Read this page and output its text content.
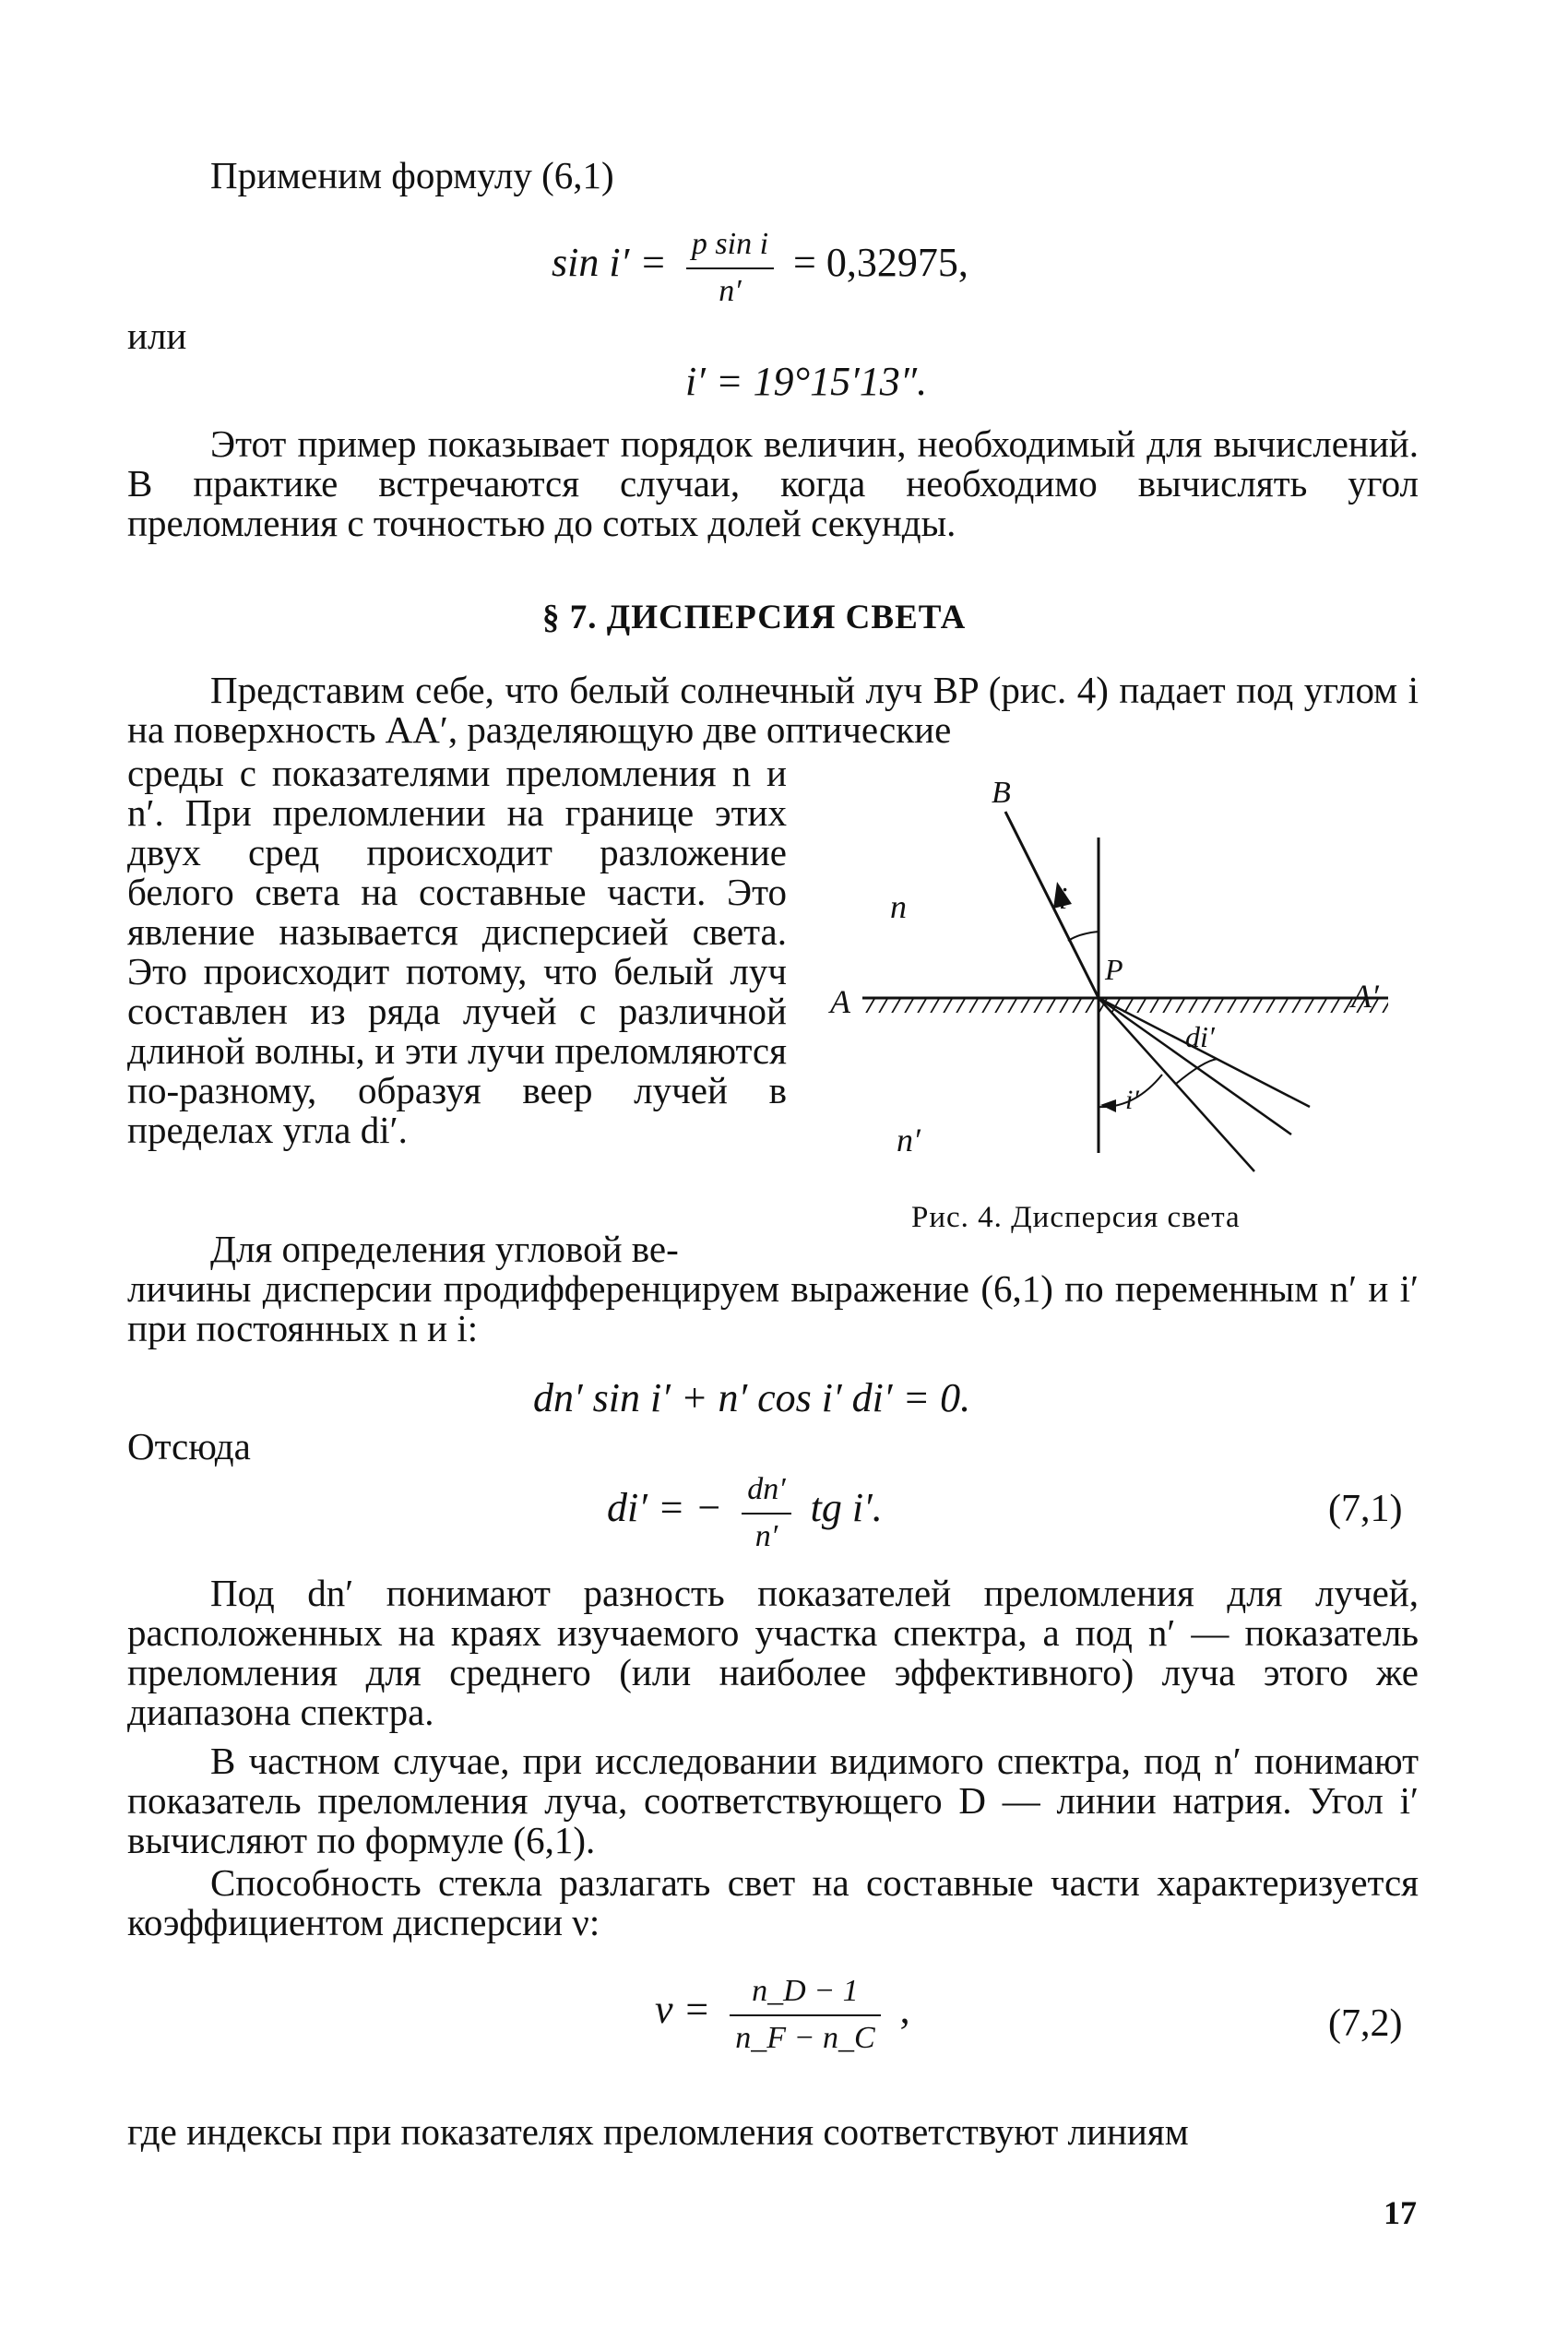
Применим формулу (6,1)
$\sin i' = \frac{\text{p sin i}}{n'} = 0,32975$,
или
i′ = 19°15′13″.
Этот пример показывает порядок величин, необходимый для вычислений. В практике встречаются случаи, когда необходимо вычислять угол преломления с точностью до сотых долей секунды.
§ 7. ДИСПЕРСИЯ СВЕТА
Представим себе, что белый солнечный луч BP (рис. 4) падает под углом i на поверхность AA′, разделяющую две оптические
среды с показателями преломления n и n′. При преломлении на границе этих двух сред происходит разложение белого света на составные части. Это явление называется дисперсией света. Это происходит потому, что белый луч составлен из ряда лучей с различной длиной волны, и эти лучи преломляются по-разному, образуя веер лучей в пределах угла di′.
Для определения угловой ве-
B
n	i
P
A	A′
di′
i′
n′
Рис. 4. Дисперсия света
личины дисперсии продифференцируем выражение (6,1) по переменным n′ и i′ при постоянных n и i:
dn′ sin i′ + n′ cos i′ di′ = 0.
Отсюда
di′ = − $\frac{dn'}{n'}$ tg i′.	(7,1)
Под dn′ понимают разность показателей преломления для лучей, расположенных на краях изучаемого участка спектра, а под n′ — показатель преломления для среднего (или наиболее эффективного) луча этого же диапазона спектра.
В частном случае, при исследовании видимого спектра, под n′ понимают показатель преломления луча, соответствующего D — линии натрия. Угол i′ вычисляют по формуле (6,1).
Способность стекла разлагать свет на составные части характеризуется коэффициентом дисперсии ν:
$\nu = \frac{n\_D - 1}{n\_F - n\_C}$ ,	(7,2)
где индексы при показателях преломления соответствуют линиям
17
